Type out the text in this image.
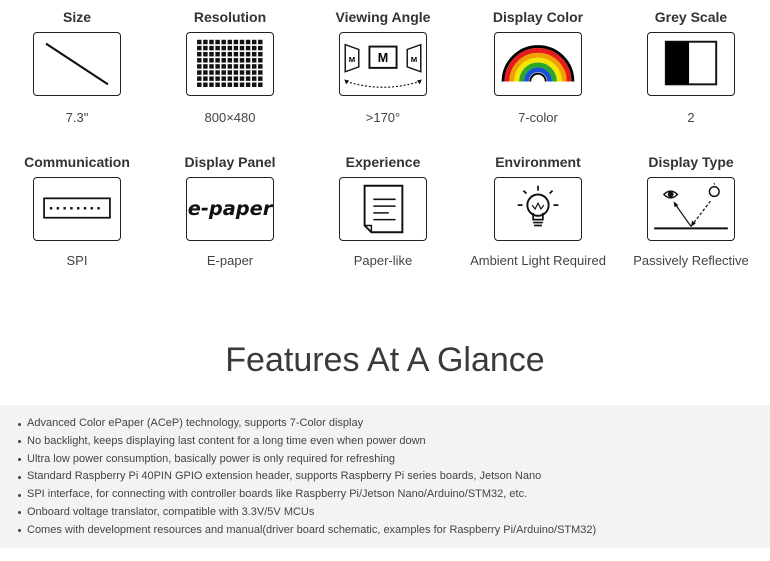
Size
7.3"
Resolution
800×480
Viewing Angle
M M	M
>170°
Display Color
7-color
Grey Scale
2
Communication
SPI
Display Panel
e-paper
E-paper
Experience
Paper-like
Environment
Ambient Light Required
Display Type
Passively Reflective
Features At A Glance
Advanced Color ePaper (ACeP) technology, supports 7-Color display
No backlight, keeps displaying last content for a long time even when power down
Ultra low power consumption, basically power is only required for refreshing
Standard Raspberry Pi 40PIN GPIO extension header, supports Raspberry Pi series boards, Jetson Nano
SPI interface, for connecting with controller boards like Raspberry Pi/Jetson Nano/Arduino/STM32, etc.
Onboard voltage translator, compatible with 3.3V/5V MCUs
Comes with development resources and manual(driver board schematic, examples for Raspberry Pi/Arduino/STM32)
